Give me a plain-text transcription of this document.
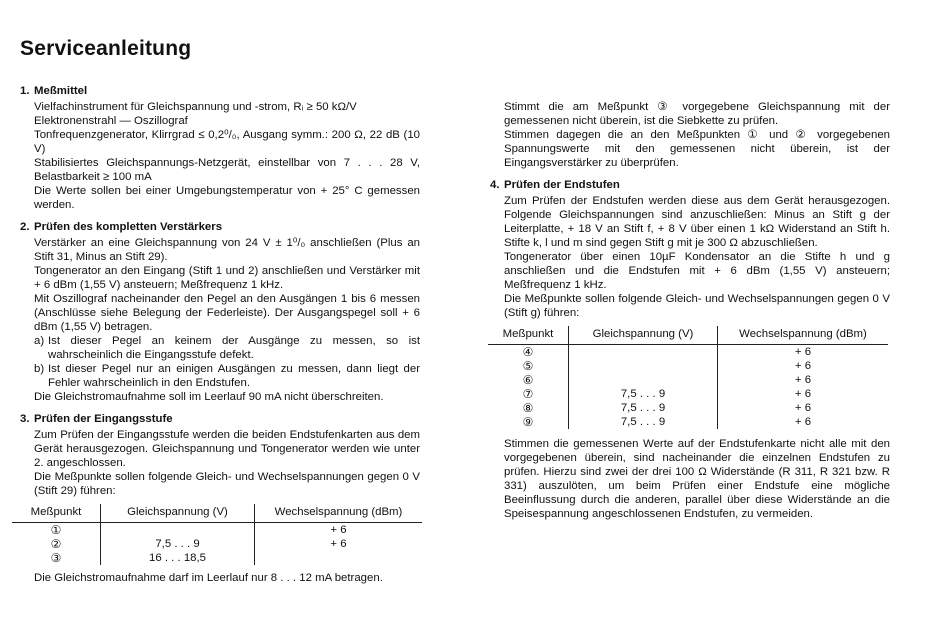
Serviceanleitung
1. Meßmittel

Vielfachinstrument für Gleichspannung und -strom, Rᵢ ≥ 50 kΩ/V

Elektronenstrahl — Oszillograf

Tonfrequenzgenerator, Klirrgrad ≤ 0,2⁰/₀, Ausgang symm.: 200 Ω, 22 dB (10 V)

Stabilisiertes Gleichspannungs-Netzgerät, einstellbar von 7 . . . 28 V, Belastbarkeit ≥ 100 mA

Die Werte sollen bei einer Umgebungstemperatur von + 25° C gemessen werden.

2. Prüfen des kompletten Verstärkers

Verstärker an eine Gleichspannung von 24 V ± 1⁰/₀ anschließen (Plus an Stift 31, Minus an Stift 29).

Tongenerator an den Eingang (Stift 1 und 2) anschließen und Verstärker mit + 6 dBm (1,55 V) ansteuern; Meßfrequenz 1 kHz.

Mit Oszillograf nacheinander den Pegel an den Ausgängen 1 bis 6 messen (Anschlüsse siehe Belegung der Federleiste). Der Ausgangspegel soll + 6 dBm (1,55 V) betragen.

a) Ist dieser Pegel an keinem der Ausgänge zu messen, so ist wahrscheinlich die Eingangsstufe defekt.
b) Ist dieser Pegel nur an einigen Ausgängen zu messen, dann liegt der Fehler wahrscheinlich in den Endstufen.

Die Gleichstromaufnahme soll im Leerlauf 90 mA nicht überschreiten.

3. Prüfen der Eingangsstufe

Zum Prüfen der Eingangsstufe werden die beiden Endstufenkarten aus dem Gerät herausgezogen. Gleichspannung und Tongenerator werden wie unter 2. angeschlossen.

Die Meßpunkte sollen folgende Gleich- und Wechselspannungen gegen 0 V (Stift 29) führen:

Meßpunkt	Gleichspannung (V)	Wechselspannung (dBm)
①		+ 6
②	7,5 . . . 9	+ 6
③	16 . . . 18,5	

Die Gleichstromaufnahme darf im Leerlauf nur 8 . . . 12 mA betragen.

Stimmt die am Meßpunkt ③ vorgegebene Gleichspannung mit der gemessenen nicht überein, ist die Siebkette zu prüfen.

Stimmen dagegen die an den Meßpunkten ① und ② vorgegebenen Spannungswerte mit den gemessenen nicht überein, ist der Eingangsverstärker zu überprüfen.

4. Prüfen der Endstufen

Zum Prüfen der Endstufen werden diese aus dem Gerät herausgezogen. Folgende Gleichspannungen sind anzuschließen: Minus an Stift g der Leiterplatte, + 18 V an Stift f, + 8 V über einen 1 kΩ Widerstand an Stift h. Stifte k, l und m sind gegen Stift g mit je 300 Ω abzuschließen.

Tongenerator über einen 10µF Kondensator an die Stifte h und g anschließen und die Endstufen mit + 6 dBm (1,55 V) ansteuern; Meßfrequenz 1 kHz.

Die Meßpunkte sollen folgende Gleich- und Wechselspannungen gegen 0 V (Stift g) führen:

Meßpunkt	Gleichspannung (V)	Wechselspannung (dBm)
④		+ 6
⑤		+ 6
⑥		+ 6
⑦	7,5 . . . 9	+ 6
⑧	7,5 . . . 9	+ 6
⑨	7,5 . . . 9	+ 6

Stimmen die gemessenen Werte auf der Endstufenkarte nicht alle mit den vorgegebenen überein, sind nacheinander die einzelnen Endstufen zu prüfen. Hierzu sind zwei der drei 100 Ω Widerstände (R 311, R 321 bzw. R 331) auszulöten, um beim Prüfen einer Endstufe eine mögliche Beeinflussung durch die anderen, parallel über diese Widerstände an die Speisespannung angeschlossenen Endstufen, zu vermeiden.
